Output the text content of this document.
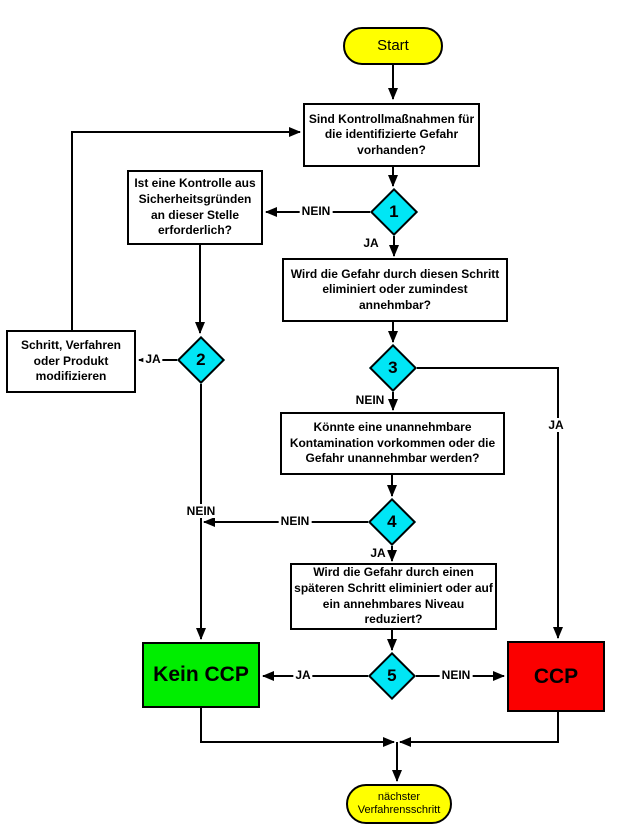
Start
Sind Kontrollmaßnahmen für die identifizierte Gefahr vorhanden?
1
Ist eine Kontrolle aus Sicherheitsgründen an dieser Stelle erforderlich?
Wird die Gefahr durch diesen Schritt eliminiert oder zumindest annehmbar?
Schritt, Verfahren oder Produkt modifizieren
2	3
Könnte eine unannehmbare Kontamination vorkommen oder die Gefahr unannehmbar werden?
4
Wird die Gefahr durch einen späteren Schritt eliminiert oder auf ein annehmbares Niveau reduziert?
5
Kein CCP	CCP
nächster Verfahrensschritt
NEIN
JA
JA
NEIN
NEIN
JA
NEIN
JA
JA	NEIN
